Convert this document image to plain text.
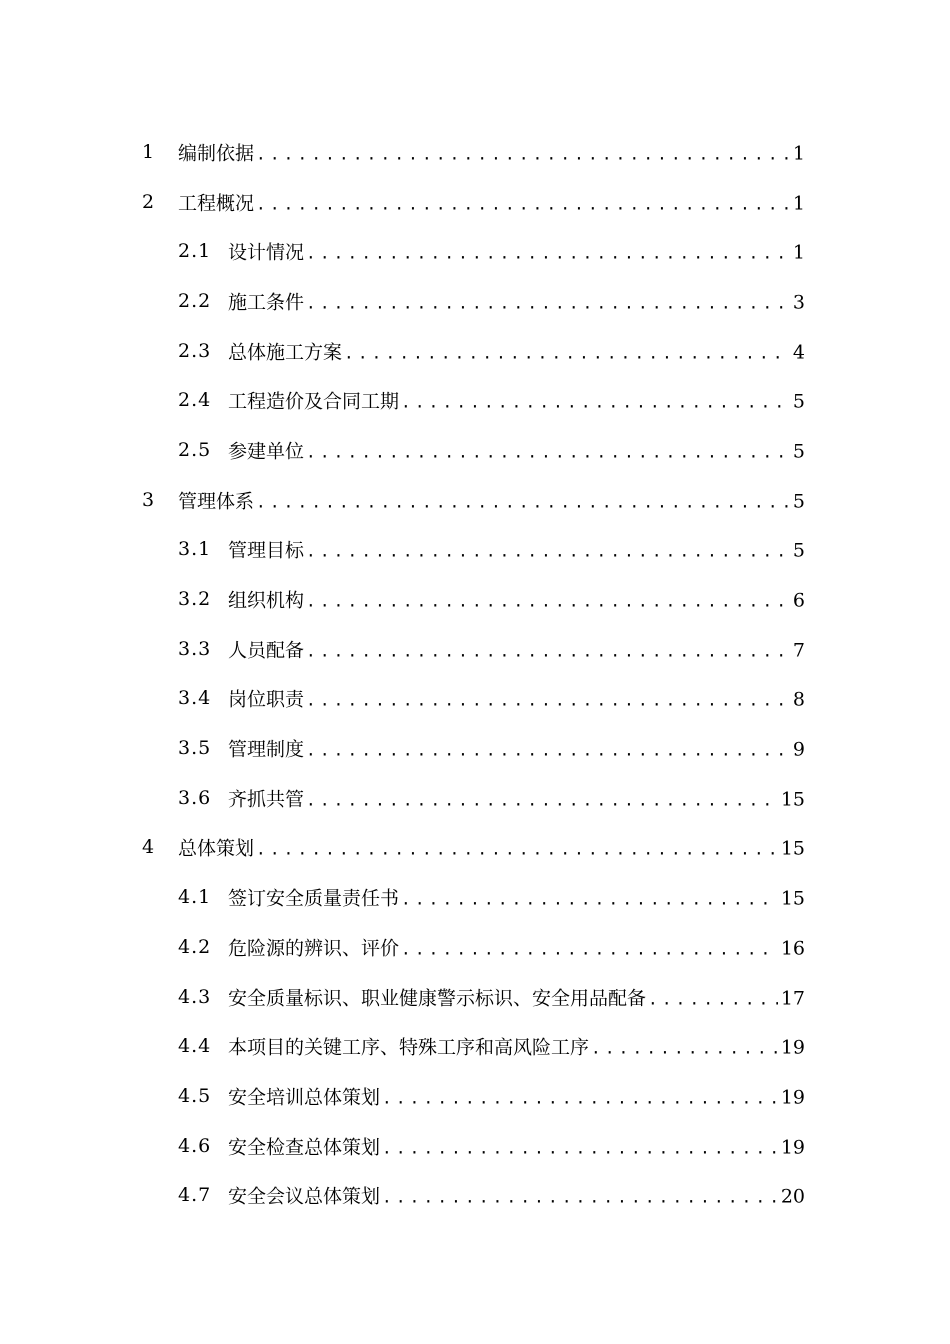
1 编制依据 .....	1
2 工程概况 .....	1
2.1 设计情况 .....	1
2.2 施工条件 .....	3
2.3 总体施工方案 .....	4
2.4 工程造价及合同工期 .....	5
2.5 参建单位 .....	5
3 管理体系 .....	5
3.1 管理目标 .....	5
3.2 组织机构 .....	6
3.3 人员配备 .....	7
3.4 岗位职责 .....	8
3.5 管理制度 .....	9
3.6 齐抓共管 .....	15
4 总体策划 .....	15
4.1 签订安全质量责任书 .....	15
4.2 危险源的辨识、评价 .....	16
4.3 安全质量标识、职业健康警示标识、安全用品配备 .....	17
4.4 本项目的关键工序、特殊工序和高风险工序 .....	19
4.5 安全培训总体策划 .....	19
4.6 安全检查总体策划 .....	19
4.7 安全会议总体策划 .....	20
